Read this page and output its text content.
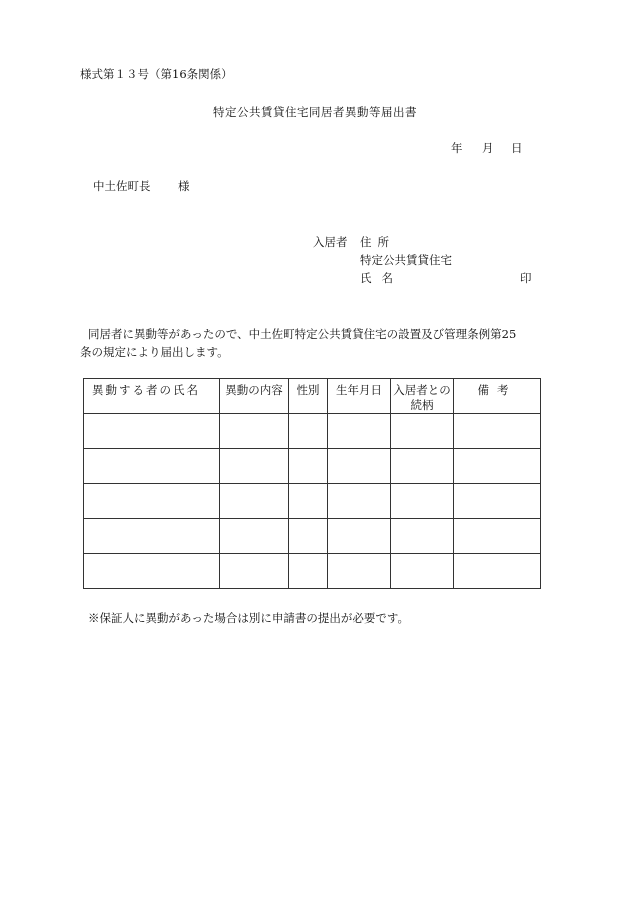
様式第１３号（第16条関係）
特定公共賃貸住宅同居者異動等届出書
年 月 日
中土佐町長 様
入居者 住所
特定公共賃貸住宅
氏名	印
同居者に異動等があったので、中土佐町特定公共賃貸住宅の設置及び管理条例第25
条の規定により届出します。
異動する者の氏名	異動の内容	性別	生年月日	入居者との続柄	備考

※保証人に異動があった場合は別に申請書の提出が必要です。
